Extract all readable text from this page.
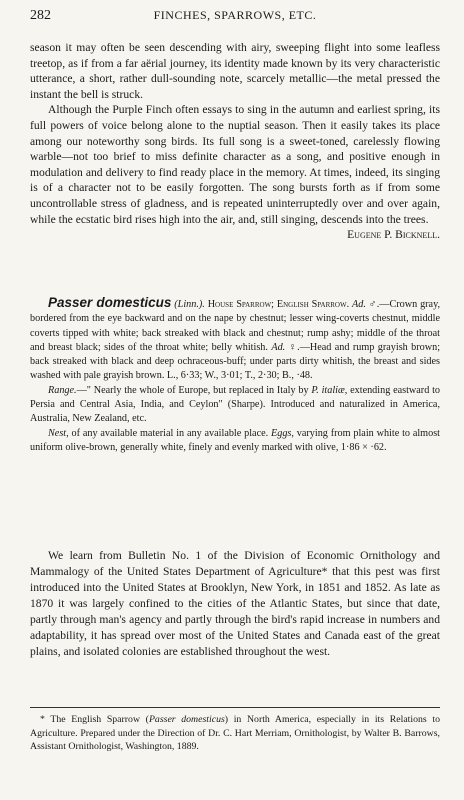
282	FINCHES, SPARROWS, ETC.

season it may often be seen descending with airy, sweeping flight into some leafless treetop, as if from a far aërial journey, its identity made known by its very characteristic utterance, a short, rather dull-sounding note, scarcely metallic—the metal pressed the instant the bell is struck.

Although the Purple Finch often essays to sing in the autumn and earliest spring, its full powers of voice belong alone to the nuptial season. Then it easily takes its place among our noteworthy song birds. Its full song is a sweet-toned, carelessly flowing warble—not too brief to miss definite character as a song, and positive enough in modulation and delivery to find ready place in the memory. At times, indeed, its singing is of a character not to be easily forgotten. The song bursts forth as if from some uncontrollable stress of gladness, and is repeated uninterruptedly over and over again, while the ecstatic bird rises high into the air, and, still singing, descends into the trees.

Eugene P. Bicknell.

Passer domesticus (Linn.). House Sparrow; English Sparrow. Ad. ♂.—Crown gray, bordered from the eye backward and on the nape by chestnut; lesser wing-coverts chestnut, middle coverts tipped with white; back streaked with black and chestnut; rump ashy; middle of the throat and breast black; sides of the throat white; belly whitish. Ad. ♀.—Head and rump grayish brown; back streaked with black and deep ochraceous-buff; under parts dirty whitish, the breast and sides washed with pale grayish brown. L., 6·33; W., 3·01; T., 2·30; B., ·48.

Range.—" Nearly the whole of Europe, but replaced in Italy by P. italiæ, extending eastward to Persia and Central Asia, India, and Ceylon" (Sharpe). Introduced and naturalized in America, Australia, New Zealand, etc.

Nest, of any available material in any available place. Eggs, varying from plain white to almost uniform olive-brown, generally white, finely and evenly marked with olive, 1·86 × ·62.

We learn from Bulletin No. 1 of the Division of Economic Ornithology and Mammalogy of the United States Department of Agriculture* that this pest was first introduced into the United States at Brooklyn, New York, in 1851 and 1852. As late as 1870 it was largely confined to the cities of the Atlantic States, but since that date, partly through man's agency and partly through the bird's rapid increase in numbers and adaptability, it has spread over most of the United States and Canada east of the great plains, and isolated colonies are established throughout the west.

* The English Sparrow (Passer domesticus) in North America, especially in its Relations to Agriculture. Prepared under the Direction of Dr. C. Hart Merriam, Ornithologist, by Walter B. Barrows, Assistant Ornithologist, Washington, 1889.
